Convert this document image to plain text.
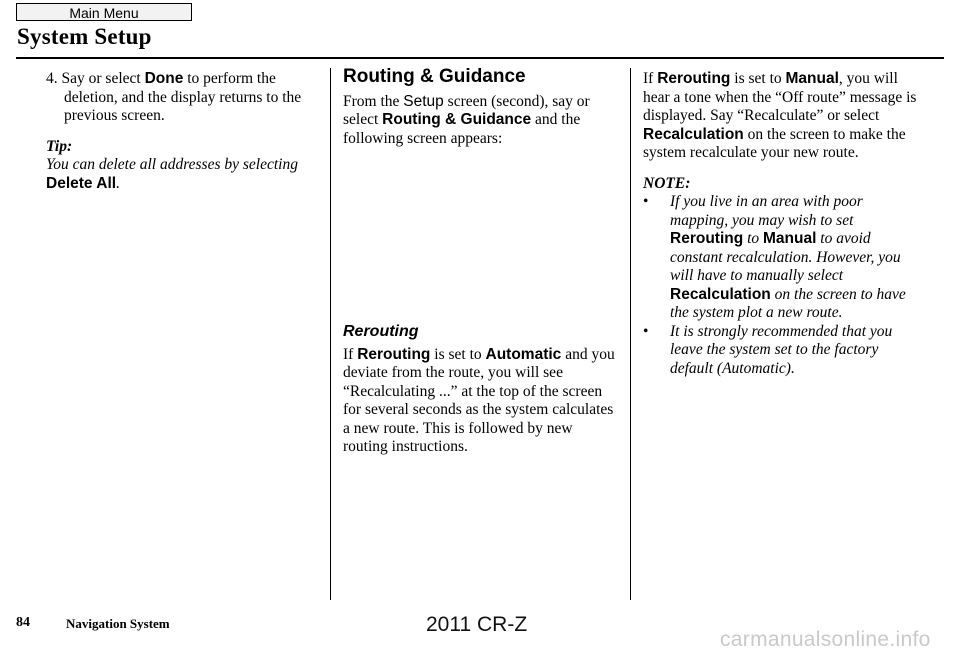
Main Menu
System Setup

4. Say or select Done to perform the deletion, and the display returns to the previous screen.

Tip:

You can delete all addresses by selecting Delete All.

Routing & Guidance

From the Setup screen (second), say or select Routing & Guidance and the following screen appears:

Rerouting

If Rerouting is set to Automatic and you deviate from the route, you will see “Recalculating ...” at the top of the screen for several seconds as the system calculates a new route. This is followed by new routing instructions.

If Rerouting is set to Manual, you will hear a tone when the “Off route” message is displayed. Say “Recalculate” or select Recalculation on the screen to make the system recalculate your new route.

NOTE:

•	If you live in an area with poor mapping, you may wish to set Rerouting to Manual to avoid constant recalculation. However, you will have to manually select Recalculation on the screen to have the system plot a new route.
•	It is strongly recommended that you leave the system set to the factory default (Automatic).
84	Navigation System	2011 CR-Z
carmanualsonline.info
